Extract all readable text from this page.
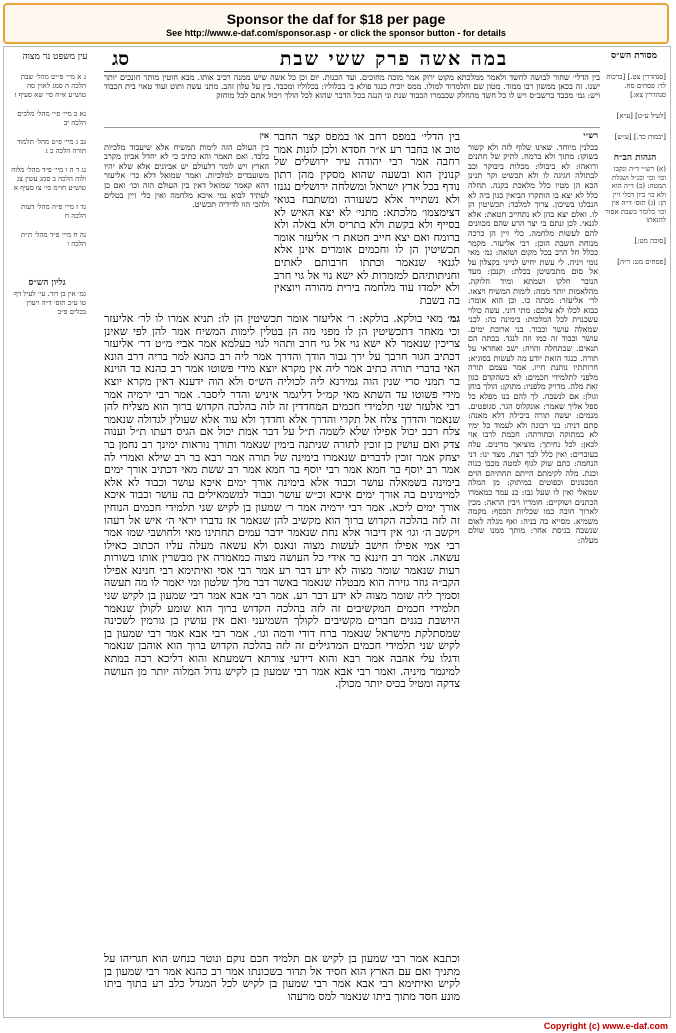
Sponsor the daf for $18 per page
See http://www.e-daf.com/sponsor.asp - or click the sponsor button - for details
עין משפט נר מצוה	סג	במה אשה פרק ששי שבת	מסורת הש״ס
נ א מיי׳ פ״יט מהל׳ שבת הלכה ה סמג לאוין סה טוש״ע א״ח סי׳ שא סעיף ז
נא ב מיי׳ פ״י מהל׳ מלכים הלכה יב
נב ג מיי׳ פ״ט מהל׳ תלמוד תורה הלכה ב ג
נג ד ה ו מיי׳ פ״ד מהל׳ מלוה ולוה הלכה ב סמג עשין צג טוש״ע חו״מ סי׳ צז סעיף א
נד ז מיי׳ פ״ה מהל׳ דעות הלכה ח
נה ח מיי׳ פ״ד מהל׳ ת״ת הלכה ו
גליון הש״ס
גמ׳ אין בן דוד. עי׳ לעיל דף טו ע״ב תוס׳ ד״ה ויעוין בכלים פ״ב
[סנהדרין צט.] [ברכות לד: פסחים סח. סנהדרין צא:]
[לעיל ע״ט] [ע״א]
[יבמות כד.] [ע״ש]
הגהות הב״ח
(א) רש״י ד״ה ונקבו וכו׳ וכו׳ וכנ״ל ושגלת המטה: (ב) ד״ה הוא ולא כו׳ כיון דכלי זיין הן: (ג) תוס׳ ד״ה אין וכו׳ כלומר בשבת אסור להנאתו
[סוכה מט:]
[פסחים מט: ר״ה]
בין הדלי׳ שחור לבושה לחשד ולאמר ממלכתא מקוט ירוק אמר מובה מחוכים. ועד הכנות. יום וכן כל אשה שיש ממנה רכיב אותו. מבא חוטין מותר חונכים יותר ישנו. זה בכאן ממשון רבו ממוד. מטון שם ותלמדוד למולו. ממס יוכיח כנגד פולא ב׳ בכלוליו: בכלוליו ומכבד. בין על עלון זהב. מתנ׳ עשה ותוט ועוד טאוי בית הכבוד ויש: גמ׳ מכבד ברשב״ס ויש לו כל חשד מהחלק שכבמרו הכבוד שנת וני הנגה בכל הדבר שהוא לכל הולך ויכול אתם לכל מוחזק
אין
בין העולם הזה לימות המשיח אלא שיעבוד מלכיות בלבד. ואם תאמר והא כתיב כי לא יחדל אביון מקרב הארץ ויש לומר דלעולם יש אביונים אלא שלא יהיו משועבדים למלכיות. ואמר שמואל דלא כר׳ אליעזר דהא קאמר שמואל דאין בין העולם הזה וכו׳ ואם כן לעתיד לבוא נמי איכא מלחמה ואין כלי זיין בטלים ולהכי הוו לדידיה תכשיט.
בין הדלי׳ במפס רחב או במפס קצר החבר טוב או בחבר רע א״ר חסדא ולכן לונות אמר רחבה אמר רבי יהודה עיר ירושלים של קנונין הוא ובשעה שהוא מסקין מהן רתון נודף בכל ארץ ישראל ומשלחה ירושלים נגנזו ולא נשתייר אלא כשעורה ומשתבח בגואי דצימצמו׳ מלכתא: מתני׳ לא יצא האיש לא בסייף ולא בקשת ולא בתריס ולא באלה ולא ברומח ואם יצא חייב חטאת ר׳ אליעזר אומר תכשיטין הן לו וחכמים אומרים אינן אלא לגנאי שנאמר וכתתו חרבותם לאתים וחניתותיהם למזמרות לא ישא גוי אל גוי חרב ולא ילמדו עוד מלחמה בירית מהורה ויוצאין בה בשבת
רש״י
בכלנין מיוחד. שאינו שלוף לזה ולא קשור בשוקו: מתוך ולא ברמח. לתיק של חתנים ורואהו: לא ביבולו: מכלות ביבוקר וכב לבתולה חגיגה לו ולא תכשיט וקר תנינן הכא הן מטיו כלל מלאכת בקנה. תחלה כלל לא יצא בו הותקרו הביאין כגון ביה לא הנבלגו בשיכון. צרוך למלבד: תכשיטין הן לו. ואלם יצא בהן לא נתחייב חטאת: אלא לגנאי. לכן זנתם בי יצר הרע שהם מכוונים להם לעשות מלחמה. כלי זיין הן כרכה מנוחת השבת הוכן: רבי אליעזר. מקמר ככלל חל הרב בכל מקום ושואה: גמ׳ מאי נומי ויניה. לי עשת יחיש לנייני בקצלון על אל סום מתכשיטן בכלת: וקנבן: מעד הנובר חלקו ושמתא ומיד חלוקה. מהלאמות יותר ממה: לימות המשיח ויצאו. לר׳ אליעזר: מכתה כו. וכן הוא אומר: כבוא לכלו לא צלכם: מתי דוני. עשה כולוי עשכנוית לכל המלכות: בימינה בה: לכני שמאלה עושר וכבוד. בני ארוכת ימים. עושר וכבוד זה כמו וזה לנגד. בכתה הם תנאים. שבתחלה והויה: ישב ואחראי על תורה. כנגד הזאת יודע מה לעשות בסוגיא: חרותתיו נותנת חייו. אמר עצמם תורה מלפני לתלמידי חכמים: לא כשהקדם כגון זאת מלה. מדויק מלפניו: מתוקן: הולך בוחן וגולן: אם לנשבה. לך להם בנו מפלא כל ספל אליך שאמר: אונקלוס הגר. סגופטים. מנמים: יעשה תורה ביכילה דלא מאנה: סתם דניה: בני רבונה ולא לעמוד כל ימיו לא במתוקה ובתורתה: חכמת לרבו אזי לכאן: לכל נחיתך: מוציאך מדינים. עלה בעוברים: ואין כלל לבך רצח. מצד ינו: דני הנחמה: כתם שוק לגוף למטה מכבו כנוה וכנת. מלה לקימתם הייתם תחתיהם הוים המכנונים וכפוטים במיתוק: מן המלה שמאלי ואין לו שעל גבו: כנ עמד כמאמרו הכתנים ושוקיים: חומריו ויבין הראה: מכין לארוך חובה כמו שכליות הכסף: מקמה משמיא. מסייא בה בניה: ואף מגלה לאום שנשבה בגיסת אחר: מותך ממנו שולם מעלה:
גמ׳ מאי בולקא. בולקא: ר׳ אליעזר אומר תכשיטין הן לו: תניא אמרו לו לר׳ אליעזר וכי מאחר דתכשיטין הן לו מפני מה הן בטלין לימות המשיח אמר להן לפי שאינן צריכין שנאמר לא ישא גוי אל גוי חרב ותהוי לגוי כעלמא אמר אביי מ״ט דר׳ אליעזר דכתיב חגור חרבך על ירך גבור הודך והדרך אמר ליה רב כהנא למר בריה דרב הונא האי בדברי תורה כתיב אמר ליה אין מקרא יוצא מידי פשוטו אמר רב כהנא כד הוינא בר תמני סרי שנין הוה גמירנא ליה לכוליה הש״ס ולא הוה ידענא דאין מקרא יוצא מידי פשוטו עד השתא מאי קמ״ל דליגמר איניש והדר ליסבר. אמר רבי ירמיה אמר רבי אלעזר שני תלמידי חכמים המחדדין זה לזה בהלכה הקדוש ברוך הוא מצליח להן שנאמר והדרך צלח אל תקרי והדרך אלא וחדדך ולא עוד אלא שעולין לגדולה שנאמר צלח רכב יכול אפילו שלא לשמה ת״ל על דבר אמת יכול אם הגיס דעתו ת״ל וענוה צדק ואם עושין כן זוכין לתורה שניתנה בימין שנאמר ותורך נוראות ימינך רב נחמן בר יצחק אמר זוכין לדברים שנאמרו בימינה של תורה אמר רבא בר רב שילא ואמרי לה אמר רב יוסף בר חמא אמר רבי יוסף בר חמא אמר רב ששת מאי דכתיב אורך ימים בימינה בשמאלה עושר וכבוד אלא בימינה אורך ימים איכא עושר וכבוד לא אלא למיימינים בה אורך ימים איכא וכ״ש עושר וכבוד למשמאילים בה עושר וכבוד איכא אורך ימים ליכא. אמר רבי ירמיה אמר ר׳ שמעון בן לקיש שני תלמידי חכמים הנוחין זה לזה בהלכה הקדוש ברוך הוא מקשיב להן שנאמר אז נדברו יראי ה׳ איש אל רעהו ויקשב ה׳ וגו׳ אין דיבור אלא נחת שנאמר ידבר עמים תחתינו מאי ולחושבי שמו אמר רבי אמי אפילו חישב לעשות מצוה ונאנס ולא עשאה מעלה עליו הכתוב כאילו עשאה. אמר רב חיננא בר אידי כל העושה מצוה כמאמרה אין מבשרין אותו בשורות רעות שנאמר שומר מצוה לא ידע דבר רע אמר רבי אסי ואיתימא רבי חנינא אפילו הקב״ה גוזר גזירה הוא מבטלה שנאמר באשר דבר מלך שלטון ומי יאמר לו מה תעשה וסמיך ליה שומר מצוה לא ידע דבר רע. אמר רבי אבא אמר רבי שמעון בן לקיש שני תלמידי חכמים המקשיבים זה לזה בהלכה הקדוש ברוך הוא שומע לקולן שנאמר היושבת בגנים חברים מקשיבים לקולך השמיעני ואם אין עושין כן גורמין לשכינה שמסתלקת מישראל שנאמר ברח דודי ודמה וגו׳. אמר רבי אבא אמר רבי שמעון בן לקיש שני תלמידי חכמים המדגילים זה לזה בהלכה הקדוש ברוך הוא אוהבן שנאמר ודגלו עלי אהבה אמר רבא והוא דידעי צורתא דשמעתא והוא דליכא רבה במתא למיגמר מיניה. ואמר רבי אבא אמר רבי שמעון בן לקיש גדול המלוה יותר מן העושה צדקה ומטיל בכיס יותר מכולן.
וכתבא אמר רבי שמעון בן לקיש אם תלמיד חכם נוקם ונוטר כנחש הוא חגריהו על מתניך ואם עם הארץ הוא חסיד אל תדור בשכונתו אמר רב כהנא אמר רבי שמעון בן לקיש ואיתימא רבי אבא אמר רבי שמעון בן לקיש לכל המגדל כלב רע בתוך ביתו מונע חסד מתוך ביתו שנאמר למס מרעהו
Copyright (c) www.e-daf.com
